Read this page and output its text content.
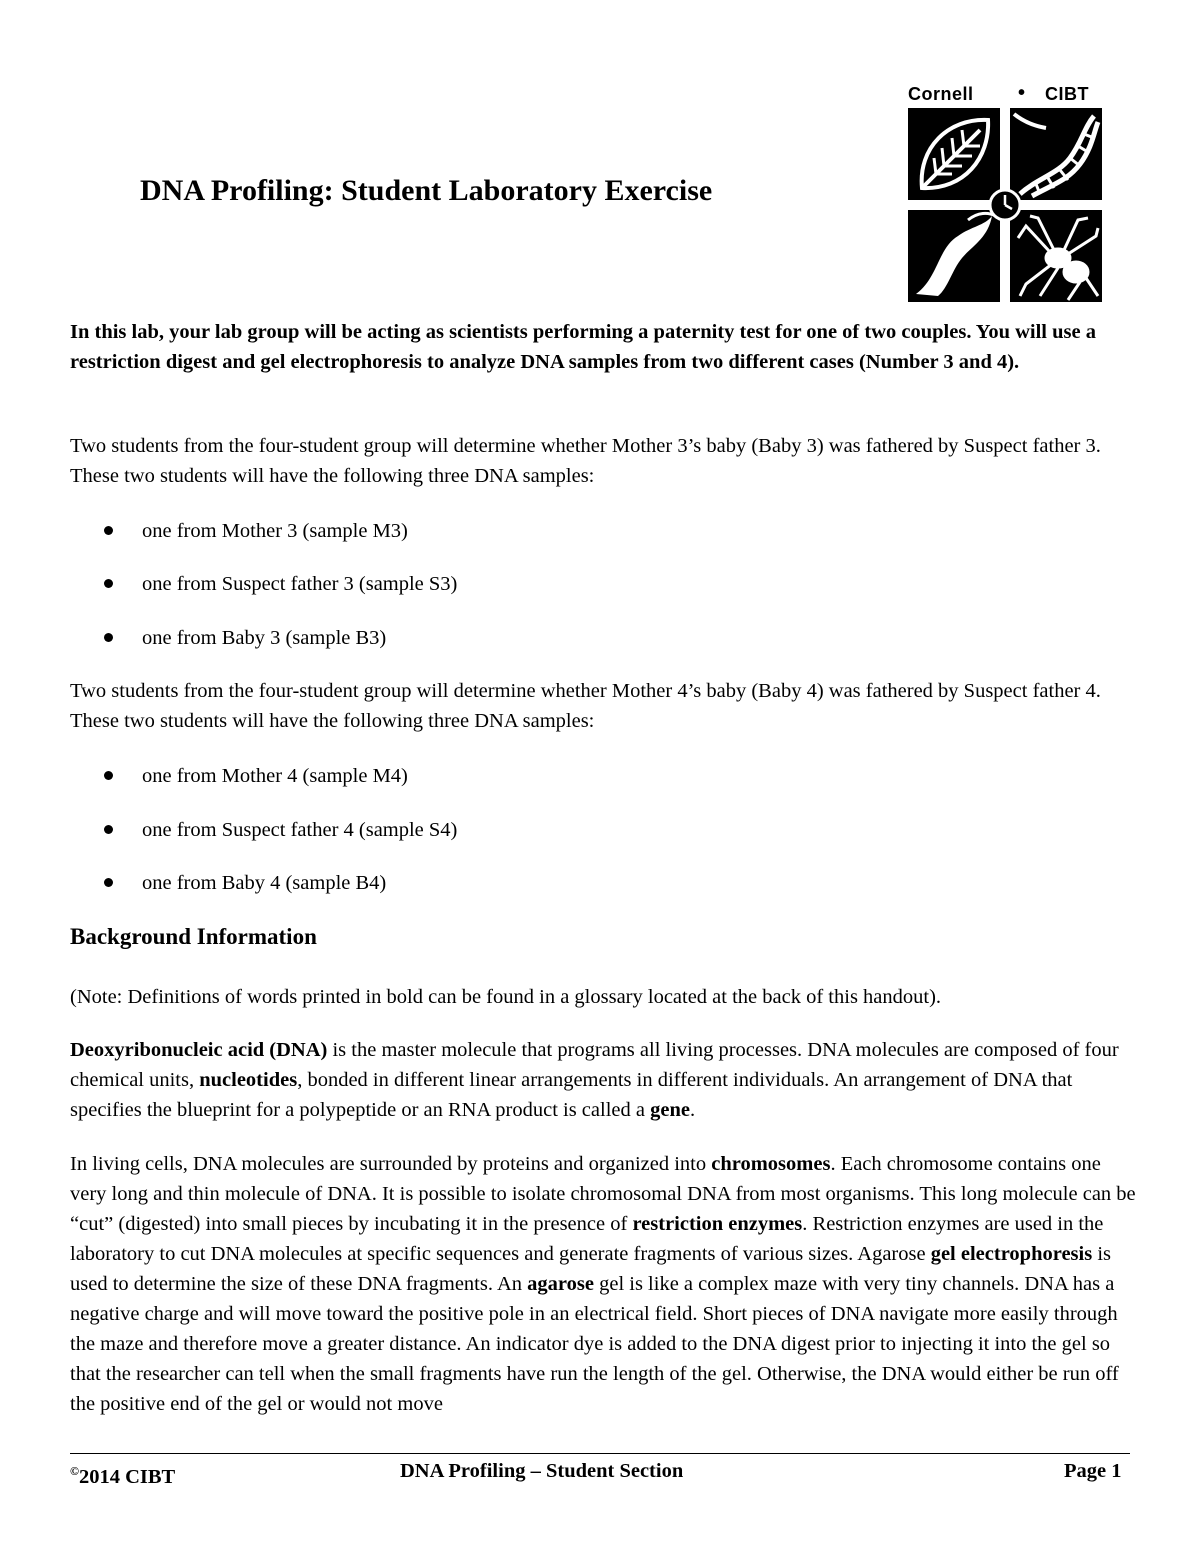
Cornell • CIBT
DNA Profiling: Student Laboratory Exercise

In this lab, your lab group will be acting as scientists performing a paternity test for one of two couples. You will use a restriction digest and gel electrophoresis to analyze DNA samples from two different cases (Number 3 and 4).

Two students from the four-student group will determine whether Mother 3’s baby (Baby 3) was fathered by Suspect father 3. These two students will have the following three DNA samples:

one from Mother 3 (sample M3)
one from Suspect father 3 (sample S3)
one from Baby 3 (sample B3)

Two students from the four-student group will determine whether Mother 4’s baby (Baby 4) was fathered by Suspect father 4. These two students will have the following three DNA samples:

one from Mother 4 (sample M4)
one from Suspect father 4 (sample S4)
one from Baby 4 (sample B4)
Background Information

(Note: Definitions of words printed in bold can be found in a glossary located at the back of this handout).

Deoxyribonucleic acid (DNA) is the master molecule that programs all living processes. DNA molecules are composed of four chemical units, nucleotides, bonded in different linear arrangements in different individuals. An arrangement of DNA that specifies the blueprint for a polypeptide or an RNA product is called a gene.

In living cells, DNA molecules are surrounded by proteins and organized into chromosomes. Each chromosome contains one very long and thin molecule of DNA. It is possible to isolate chromosomal DNA from most organisms. This long molecule can be “cut” (digested) into small pieces by incubating it in the presence of restriction enzymes. Restriction enzymes are used in the laboratory to cut DNA molecules at specific sequences and generate fragments of various sizes. Agarose gel electrophoresis is used to determine the size of these DNA fragments. An agarose gel is like a complex maze with very tiny channels. DNA has a negative charge and will move toward the positive pole in an electrical field. Short pieces of DNA navigate more easily through the maze and therefore move a greater distance. An indicator dye is added to the DNA digest prior to injecting it into the gel so that the researcher can tell when the small fragments have run the length of the gel. Otherwise, the DNA would either be run off the positive end of the gel or would not move

©2014 CIBT	DNA Profiling – Student Section	Page 1
